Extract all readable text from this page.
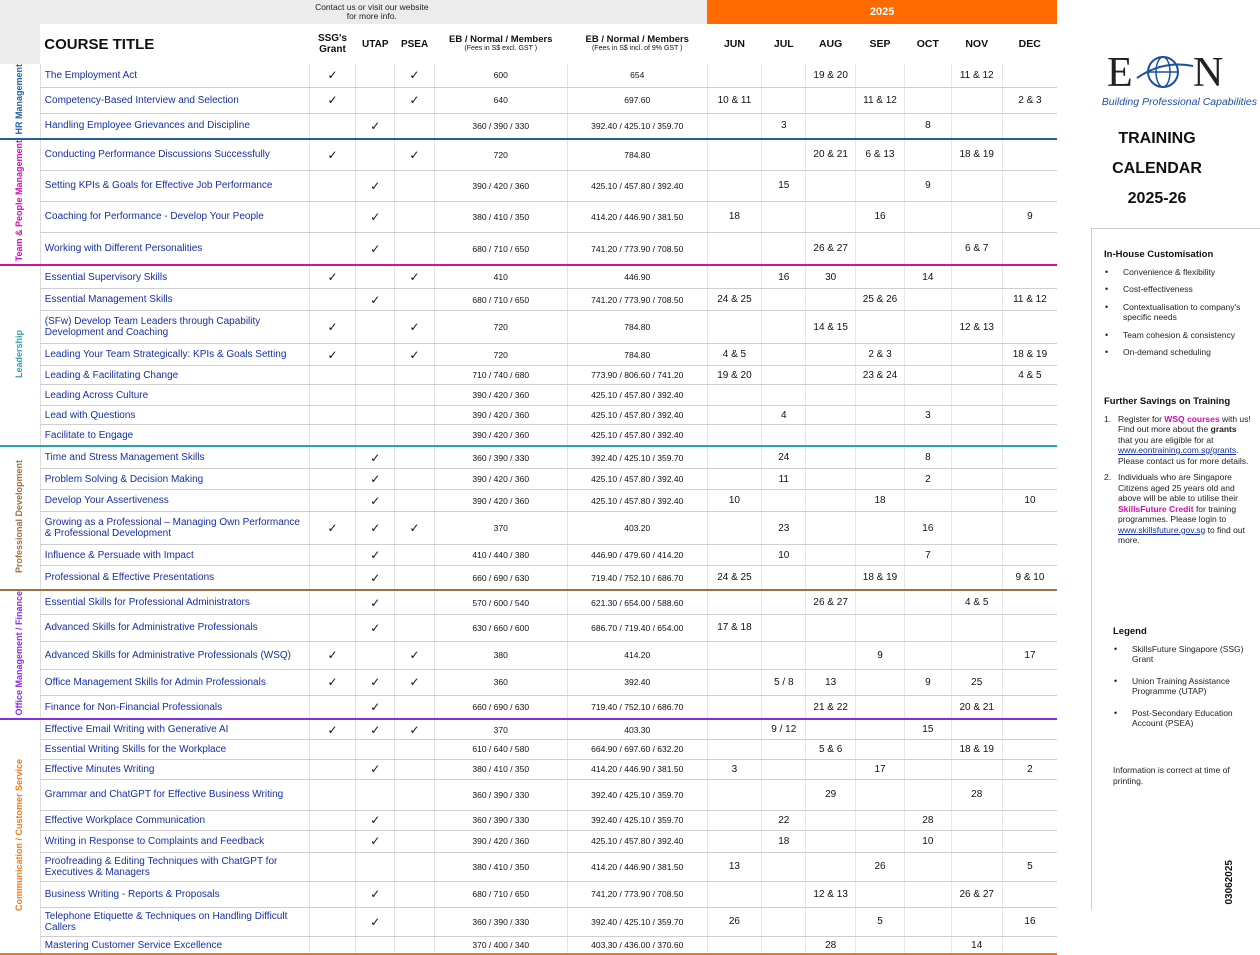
		Contact us or visit our website for more info.					2025						
	COURSE TITLE	SSG's Grant	UTAP	PSEA	EB / Normal / Members
(Fees in S$ excl. GST )	EB / Normal / Members
(Fees in S$ incl. of 9% GST )	JUN	JUL	AUG	SEP	OCT	NOV	DEC
HR Management	The Employment Act	✓		✓	600	654			19 & 20			11 & 12	
	Competency-Based Interview and Selection	✓		✓	640	697.60	10 & 11			11 & 12			2 & 3
	Handling Employee Grievances and Discipline		✓		360 / 390 / 330	392.40 / 425.10 / 359.70		3			8		
Team & People Management	Conducting Performance Discussions Successfully	✓		✓	720	784.80			20 & 21	6 & 13		18 & 19	
	Setting KPIs & Goals for Effective Job Performance		✓		390 / 420 / 360	425.10 / 457.80 / 392.40		15			9		
	Coaching for Performance - Develop Your People		✓		380 / 410 / 350	414.20 / 446.90 / 381.50	18			16			9
	Working with Different Personalities		✓		680 / 710 / 650	741.20 / 773.90 / 708.50			26 & 27			6 & 7	
Leadership	Essential Supervisory Skills	✓		✓	410	446.90		16	30		14		
	Essential Management Skills		✓		680 / 710 / 650	741.20 / 773.90 / 708.50	24 & 25			25 & 26			11 & 12
	(SFw) Develop Team Leaders through Capability Development and Coaching	✓		✓	720	784.80			14 & 15			12 & 13	
	Leading Your Team Strategically: KPIs & Goals Setting	✓		✓	720	784.80	4 & 5			2 & 3			18 & 19
	Leading & Facilitating Change				710 / 740 / 680	773.90 / 806.60 / 741.20	19 & 20			23 & 24			4 & 5
	Leading Across Culture				390 / 420 / 360	425.10 / 457.80 / 392.40							
	Lead with Questions				390 / 420 / 360	425.10 / 457.80 / 392.40		4			3		
	Facilitate to Engage				390 / 420 / 360	425.10 / 457.80 / 392.40							
Professional Development	Time and Stress Management Skills		✓		360 / 390 / 330	392.40 / 425.10 / 359.70		24			8		
	Problem Solving & Decision Making		✓		390 / 420 / 360	425.10 / 457.80 / 392.40		11			2		
	Develop Your Assertiveness		✓		390 / 420 / 360	425.10 / 457.80 / 392.40	10			18			10
	Growing as a Professional – Managing Own Performance & Professional Development	✓	✓	✓	370	403.20		23			16		
	Influence & Persuade with Impact		✓		410 / 440 / 380	446.90 / 479.60 / 414.20		10			7		
	Professional & Effective Presentations		✓		660 / 690 / 630	719.40 / 752.10 / 686.70	24 & 25			18 & 19			9 & 10
Office Management / Finance	Essential Skills for Professional Administrators		✓		570 / 600 / 540	621.30 / 654.00 / 588.60			26 & 27			4 & 5	
	Advanced Skills for Administrative Professionals		✓		630 / 660 / 600	686.70 / 719.40 / 654.00	17 & 18						
	Advanced Skills for Administrative Professionals (WSQ)	✓		✓	380	414.20				9			17
	Office Management Skills for Admin Professionals	✓	✓	✓	360	392.40		5 / 8	13		9	25	
	Finance for Non-Financial Professionals		✓		660 / 690 / 630	719.40 / 752.10 / 686.70			21 & 22			20 & 21	
Communication / Customer Service	Effective Email Writing with Generative AI	✓	✓	✓	370	403.30		9 / 12			15		
	Essential Writing Skills for the Workplace				610 / 640 / 580	664.90 / 697.60 / 632.20			5 & 6			18 & 19	
	Effective Minutes Writing		✓		380 / 410 / 350	414.20 / 446.90 / 381.50	3			17			2
	Grammar and ChatGPT for Effective Business Writing				360 / 390 / 330	392.40 / 425.10 / 359.70			29			28	
	Effective Workplace Communication		✓		360 / 390 / 330	392.40 / 425.10 / 359.70		22			28		
	Writing in Response to Complaints and Feedback		✓		390 / 420 / 360	425.10 / 457.80 / 392.40		18			10		
	Proofreading & Editing Techniques with ChatGPT for Executives & Managers				380 / 410 / 350	414.20 / 446.90 / 381.50	13			26			5
	Business Writing - Reports & Proposals		✓		680 / 710 / 650	741.20 / 773.90 / 708.50			12 & 13			26 & 27	
	Telephone Etiquette & Techniques on Handling Difficult Callers		✓		360 / 390 / 330	392.40 / 425.10 / 359.70	26			5			16
	Mastering Customer Service Excellence				370 / 400 / 340	403.30 / 436.00 / 370.60			28			14	
E N
Building Professional Capabilities
TRAINING
CALENDAR
2025-26
In-House Customisation
• Convenience & flexibility
• Cost-effectiveness
• Contextualisation to company's specific needs
• Team cohesion & consistency
• On-demand scheduling
Further Savings on Training
1. Register for WSQ courses with us! Find out more about the grants that you are eligible for at www.eontraining.com.sg/grants. Please contact us for more details.
2. Individuals who are Singapore Citizens aged 25 years old and above will be able to utilise their SkillsFuture Credit for training programmes. Please login to www.skillsfuture.gov.sg to find out more.
Legend
• SkillsFuture Singapore (SSG) Grant
• Union Training Assistance Programme (UTAP)
• Post-Secondary Education Account (PSEA)
Information is correct at time of printing.
03062025
